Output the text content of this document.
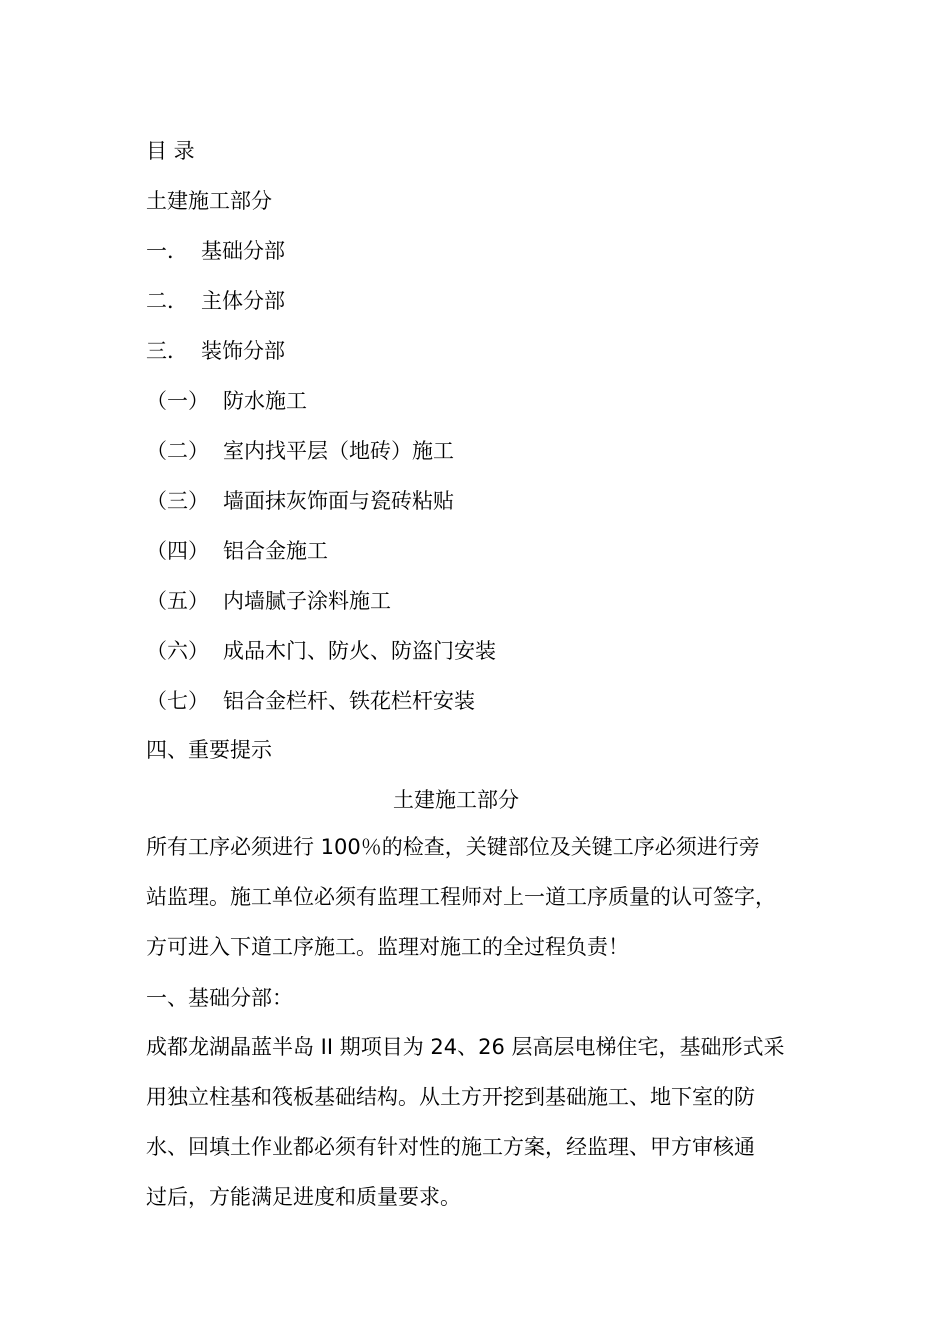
目 录
土建施工部分
一． 基础分部
二． 主体分部
三． 装饰分部
（一） 防水施工
（二） 室内找平层（地砖）施工
（三） 墙面抹灰饰面与瓷砖粘贴
（四） 铝合金施工
（五） 内墙腻子涂料施工
（六） 成品木门、防火、防盗门安装
（七） 铝合金栏杆、铁花栏杆安装
四、重要提示
土建施工部分
所有工序必须进行 100％的检查，关键部位及关键工序必须进行旁
站监理。施工单位必须有监理工程师对上一道工序质量的认可签字，
方可进入下道工序施工。监理对施工的全过程负责！
一、基础分部：
成都龙湖晶蓝半岛 II 期项目为 24、26 层高层电梯住宅，基础形式采
用独立柱基和筏板基础结构。从土方开挖到基础施工、地下室的防
水、回填土作业都必须有针对性的施工方案，经监理、甲方审核通
过后，方能满足进度和质量要求。
